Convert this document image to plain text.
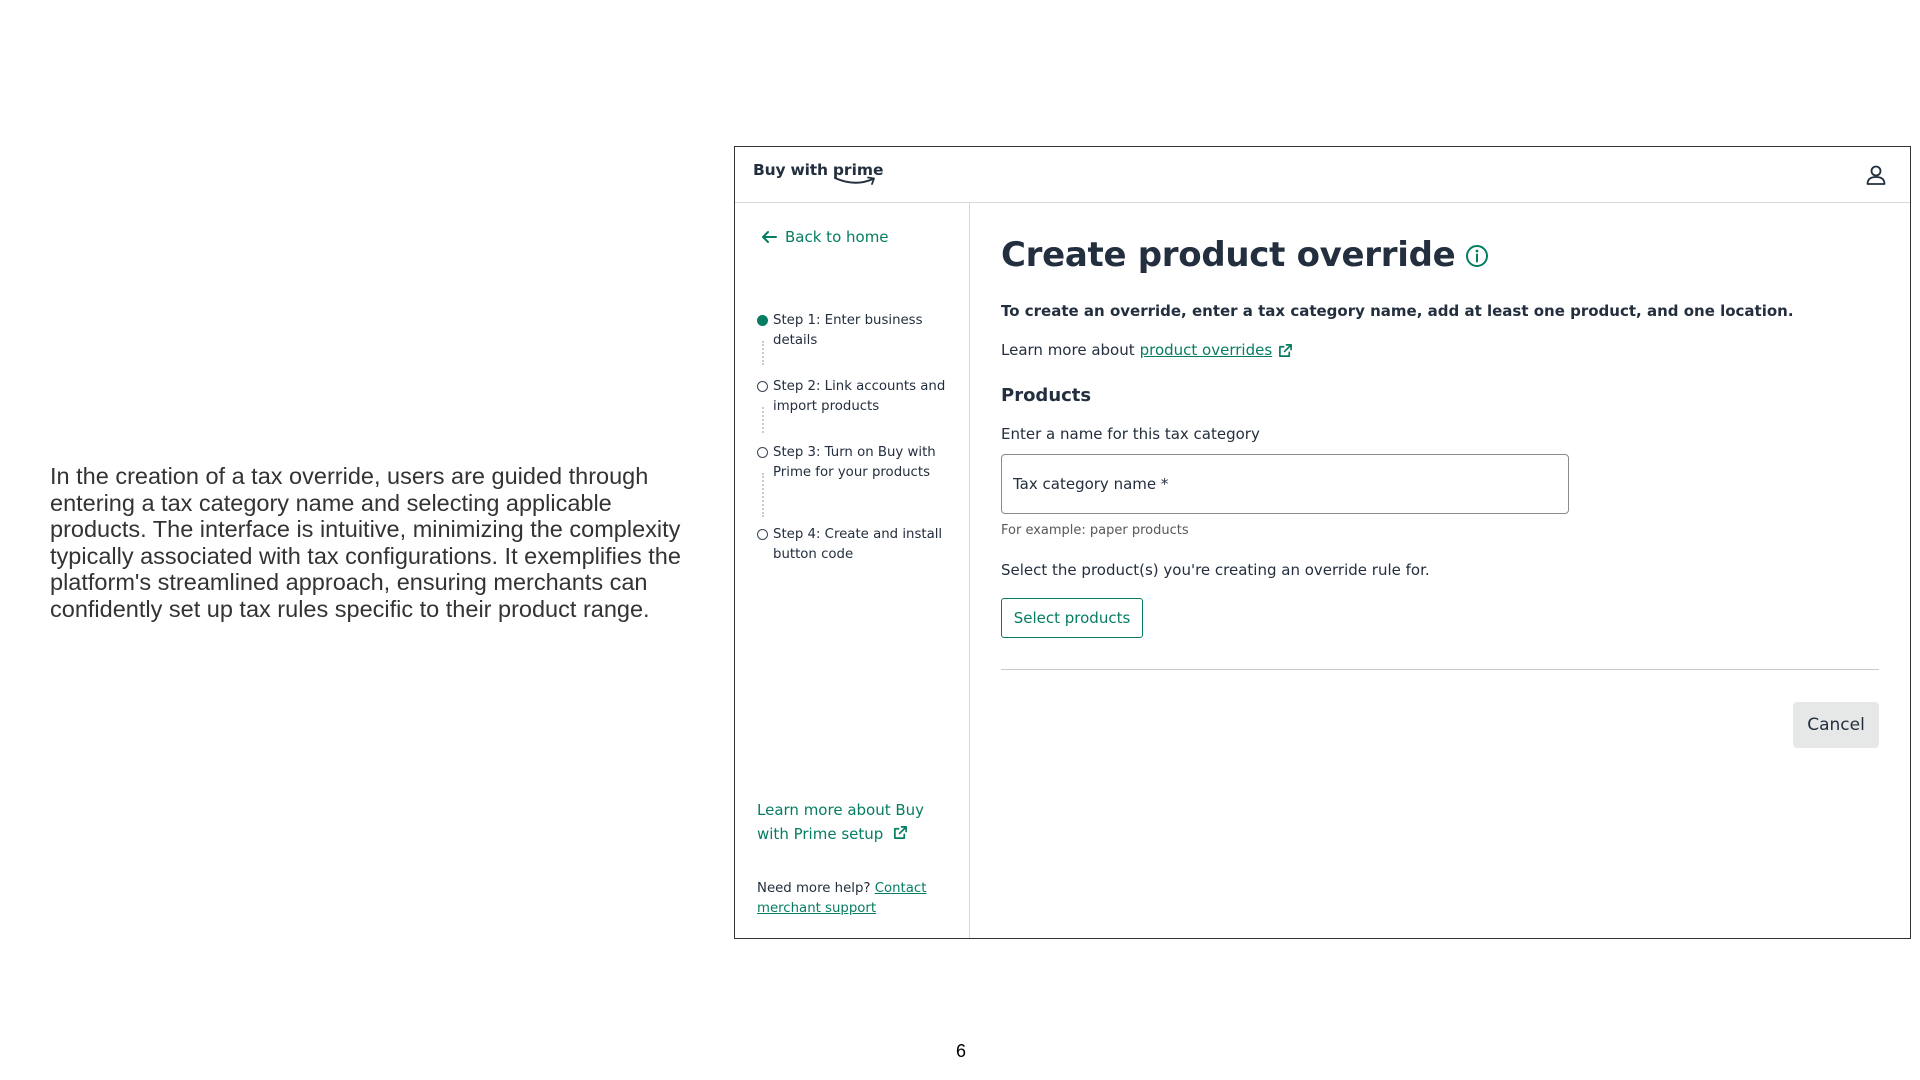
In the creation of a tax override, users are guided through entering a tax category name and selecting applicable products. The interface is intuitive, minimizing the complexity typically associated with tax configurations. It exemplifies the platform's streamlined approach, ensuring merchants can confidently set up tax rules specific to their product range.

Buy with prime
Back to home
Step 1: Enter business details
Step 2: Link accounts and import products
Step 3: Turn on Buy with Prime for your products
Step 4: Create and install button code
Learn more about Buy with Prime setup
Need more help? Contact merchant support
Create product override

To create an override, enter a tax category name, add at least one product, and one location.

Learn more about product overrides
Products
Enter a name for this tax category
Tax category name *
For example: paper products
Select the product(s) you're creating an override rule for.
Select products
Cancel
6
